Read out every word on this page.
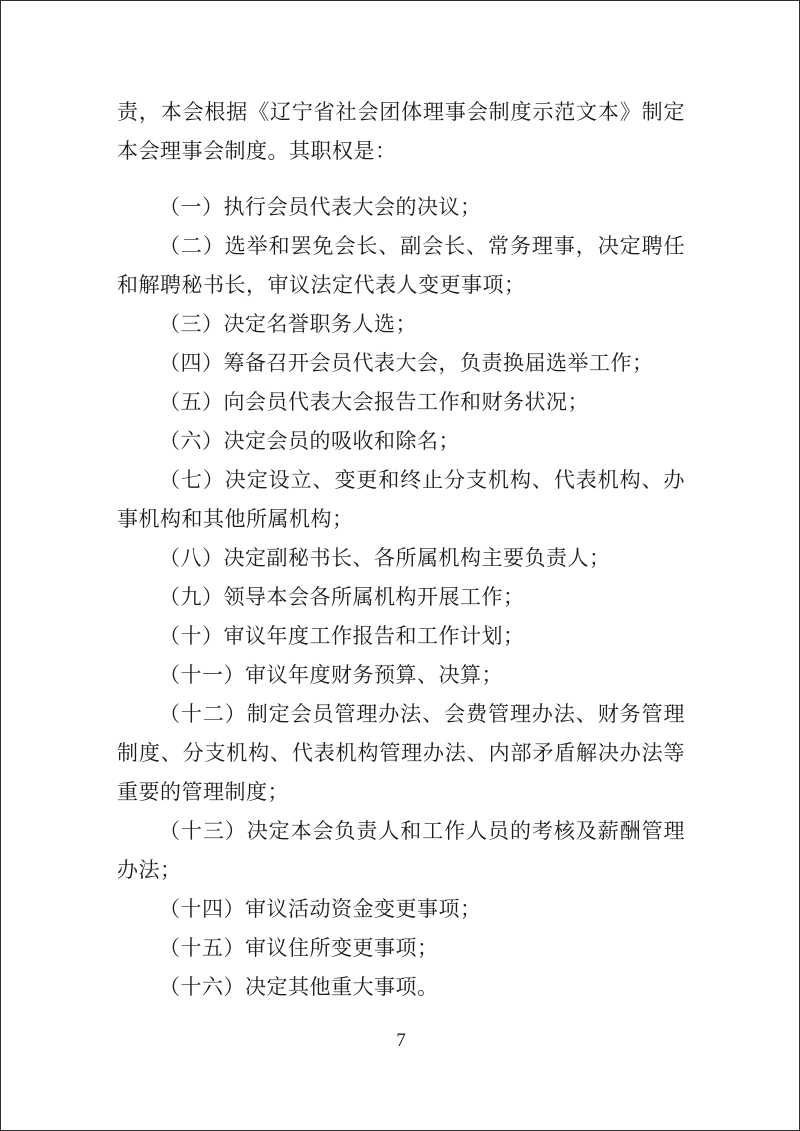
责，本会根据《辽宁省社会团体理事会制度示范文本》制定本会理事会制度。其职权是：

（一）执行会员代表大会的决议；

（二）选举和罢免会长、副会长、常务理事，决定聘任和解聘秘书长，审议法定代表人变更事项；

（三）决定名誉职务人选；

（四）筹备召开会员代表大会，负责换届选举工作；

（五）向会员代表大会报告工作和财务状况；

（六）决定会员的吸收和除名；

（七）决定设立、变更和终止分支机构、代表机构、办事机构和其他所属机构；

（八）决定副秘书长、各所属机构主要负责人；

（九）领导本会各所属机构开展工作；

（十）审议年度工作报告和工作计划；

（十一）审议年度财务预算、决算；

（十二）制定会员管理办法、会费管理办法、财务管理制度、分支机构、代表机构管理办法、内部矛盾解决办法等重要的管理制度；

（十三）决定本会负责人和工作人员的考核及薪酬管理办法；

（十四）审议活动资金变更事项；

（十五）审议住所变更事项；

（十六）决定其他重大事项。

7
